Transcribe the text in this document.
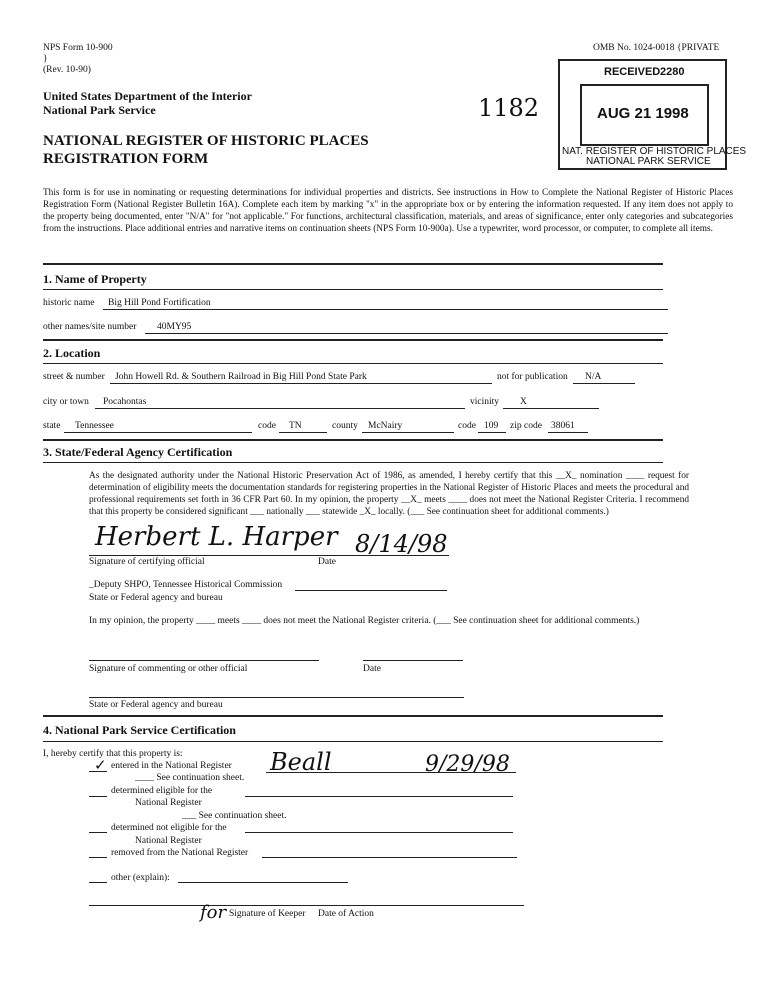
NPS Form 10-900
}
(Rev. 10-90)
OMB No. 1024-0018 {PRIVATE
United States Department of the Interior
National Park Service
NATIONAL REGISTER OF HISTORIC PLACES
REGISTRATION FORM
1182
RECEIVED 2280
AUG 21 1998
NAT. REGISTER OF HISTORIC PLACES
NATIONAL PARK SERVICE
This form is for use in nominating or requesting determinations for individual properties and districts. See instructions in How to Complete the National Register of Historic Places Registration Form (National Register Bulletin 16A). Complete each item by marking "x" in the appropriate box or by entering the information requested. If any item does not apply to the property being documented, enter "N/A" for "not applicable." For functions, architectural classification, materials, and areas of significance, enter only categories and subcategories from the instructions. Place additional entries and narrative items on continuation sheets (NPS Form 10-900a). Use a typewriter, word processor, or computer, to complete all items.
1. Name of Property
historic name Big Hill Pond Fortification
other names/site number 40MY95
2. Location
street & number John Howell Rd. & Southern Railroad in Big Hill Pond State Park	not for publication N/A
city or town Pocahontas	vicinity X
state Tennessee	code TN	county McNairy	code 109 zip code 38061
3. State/Federal Agency Certification
As the designated authority under the National Historic Preservation Act of 1986, as amended, I hereby certify that this __X_ nomination ____ request for determination of eligibility meets the documentation standards for registering properties in the National Register of Historic Places and meets the procedural and professional requirements set forth in 36 CFR Part 60. In my opinion, the property __X_ meets ____ does not meet the National Register Criteria. I recommend that this property be considered significant ___ nationally ___ statewide _X_ locally. (___ See continuation sheet for additional comments.)
Herbert L. Harper 8/14/98
Signature of certifying official	Date
_Deputy SHPO, Tennessee Historical Commission
State or Federal agency and bureau
In my opinion, the property ____ meets ____ does not meet the National Register criteria. (___ See continuation sheet for additional comments.)
Signature of commenting or other official	Date
State or Federal agency and bureau
4. National Park Service Certification
I, hereby certify that this property is:
✓ entered in the National Register
____ See continuation sheet.
Beall	9/29/98
determined eligible for the
National Register
___ See continuation sheet.
determined not eligible for the
National Register
removed from the National Register
other (explain):
for Signature of Keeper Date of Action
